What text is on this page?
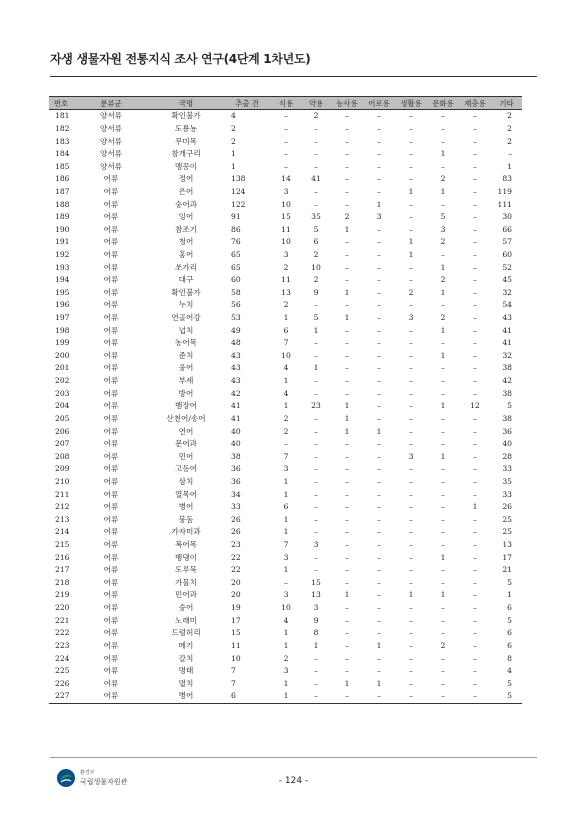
자생 생물자원 전통지식 조사 연구(4단계 1차년도)
번호	분류군	국명	추출 건	식용	약용	농사용	어로용	생활용	문화용	제충용	기타
181	양서류	확인불가	4	–	2	–	–	–	–	–	2
182	양서류	도룡뇽	2	–	–	–	–	–	–	–	2
183	양서류	무미목	2	–	–	–	–	–	–	–	2
184	양서류	참개구리	1	–	–	–	–	–	1	–	–
185	양서류	맹꽁이	1	–	–	–	–	–	–	–	1
186	어류	정어	138	14	41	–	–	–	2	–	83
187	어류	은어	124	3	–	–	–	1	1	–	119
188	어류	숭어과	122	10	–	–	1	–	–	–	111
189	어류	잉어	91	15	35	2	3	–	5	–	30
190	어류	참조기	86	11	5	1	–	–	3	–	66
191	어류	청어	76	10	6	–	–	1	2	–	57
192	어류	홍어	65	3	2	–	–	1	–	–	60
193	어류	쏘가리	65	2	10	–	–	–	1	–	52
194	어류	대구	60	11	2	–	–	–	2	–	45
195	어류	확인불가	58	13	9	1	–	2	1	–	32
196	어류	누치	56	2	–	–	–	–	–	–	54
197	어류	연골어강	53	1	5	1	–	3	2	–	43
198	어류	넙치	49	6	1	–	–	–	1	–	41
199	어류	농어목	48	7	–	–	–	–	–	–	41
200	어류	준치	43	10	–	–	–	–	1	–	32
201	어류	웅어	43	4	1	–	–	–	–	–	38
202	어류	부세	43	1	–	–	–	–	–	–	42
203	어류	방어	42	4	–	–	–	–	–	–	38
204	어류	뱀장어	41	1	23	1	–	–	1	12	5
205	어류	산천어/송어	41	2	–	1	–	–	–	–	38
206	어류	연어	40	2	–	1	1	–	–	–	36
207	어류	문어과	40	–	–	–	–	–	–	–	40
208	어류	민어	38	7	–	–	–	3	1	–	28
209	어류	고등어	36	3	–	–	–	–	–	–	33
210	어류	삼치	36	1	–	–	–	–	–	–	35
211	어류	열목어	34	1	–	–	–	–	–	–	33
212	어류	병어	33	6	–	–	–	–	–	1	26
213	어류	붕돔	26	1	–	–	–	–	–	–	25
214	어류	가자미과	26	1	–	–	–	–	–	–	25
215	어류	복어목	23	7	3	–	–	–	–	–	13
216	어류	뱅댕이	22	3	–	–	–	–	1	–	17
217	어류	도루묵	22	1	–	–	–	–	–	–	21
218	어류	가물치	20	–	15	–	–	–	–	–	5
219	어류	민어과	20	3	13	1	–	1	1	–	1
220	어류	숭어	19	10	3	–	–	–	–	–	6
221	어류	노래미	17	4	9	–	–	–	–	–	5
222	어류	드렁허리	15	1	8	–	–	–	–	–	6
223	어류	메기	11	1	1	–	1	–	2	–	6
224	어류	갈치	10	2	–	–	–	–	–	–	8
225	어류	명태	7	3	–	–	–	–	–	–	4
226	어류	멸치	7	1	–	1	1	–	–	–	5
227	어류	병어	6	1	–	–	–	–	–	–	5
환경부
국립생물자원관	- 124 -
